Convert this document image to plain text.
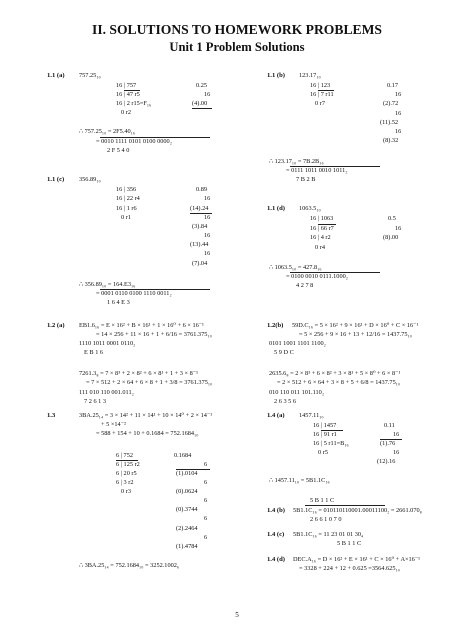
II. SOLUTIONS TO HOMEWORK PROBLEMS
Unit 1 Problem Solutions
1.1 (a) 757.25₁₀
16 | 757	0.25
16 | 47 r5	16
16 | 2 r15=F₁₆	(4).00
0 r2
∴ 757.25₁₀ = 2F5.40₁₆
= 0010 1111 0101 0100 0000₂
2 F 5 4 0
1.1 (c) 356.89₁₀
16 | 356	0.89
16 | 22 r4	16
16 | 1 r6	(14).24
0 r1	16
(3).84
16
(13).44
16
(7).04
∴ 356.89₁₀ = 164.E3₁₆
= 0001 0110 0100 1110 0011₂
1 6 4 E 3
1.1 (b) 123.17₁₀
16 | 123	0.17
16 | 7 r11	16
0 r7	(2).72
16
(11).52
16
(8).32
∴ 123.17₁₀ = 7B.2B₁₆
= 0111 1011 0010 1011₂
7 B 2 B
1.1 (d) 1063.5₁₀
16 | 1063	0.5
16 | 66 r7	16
16 | 4 r2	(8).00
0 r4
∴ 1063.5₁₀ = 427.8₁₆
= 0100 0010 0111.1000₂
4 2 7 8
1.2 (a) EB1.6₁₆ = E × 16² + B × 16¹ + 1 × 16⁰ + 6 × 16⁻¹
= 14 × 256 + 11 × 16 + 1 + 6/16 = 3761.375₁₀
1110 1011 0001 0110₂
E B 1 6
7261.3₈ = 7 × 8³ + 2 × 8² + 6 × 8¹ + 1 + 3 × 8⁻¹
= 7 × 512 + 2 × 64 + 6 × 8 + 1 + 3/8 = 3761.375₁₀
111 010 110 001.011₂
7 2 6 1 3
1.2(b) 59D.C₁₆ = 5 × 16² + 9 × 16¹ + D × 16⁰ + C × 16⁻¹
= 5 × 256 + 9 × 16 + 13 + 12/16 = 1437.75₁₀
0101 1001 1101 1100₂
5 9 D C
2635.6₈ = 2 × 8³ + 6 × 8² + 3 × 8¹ + 5 × 8⁰ + 6 × 8⁻¹
= 2 × 512 + 6 × 64 + 3 × 8 + 5 + 6/8 = 1437.75₁₀
010 110 011 101.110₂
2 6 3 5 6
1.3	3BA.25₁₄ = 3 × 14² + 11 × 14¹ + 10 × 14⁰ + 2 × 14⁻¹
+ 5 ×14⁻²
= 588 + 154 + 10 + 0.1684 = 752.1684₁₀
6 | 752	0.1684
6 | 125 r2	6
6 | 20 r5	(1).0104
6 | 3 r2	6
0 r3	(0).0624
6
(0).3744
6
(2).2464
6
(1).4784
∴ 3BA.25₁₄ = 752.1684₁₀ = 3252.1002₆
1.4 (a) 1457.11₁₀
16 | 1457	0.11
16 | 91 r1	16
16 | 5 r11=B₁₆	(1).76
0 r5	16
(12).16
∴ 1457.11₁₀ = 5B1.1C₁₆
5 B 1 1 C
1.4 (b) 5B1.1C₁₆ = 010110110001.00011100₂ = 2661.070₈
2 6 6 1 0 7 0
1.4 (c) 5B1.1C₁₆ = 11 23 01 01 30₄
5 B 1 1 C
1.4 (d) DEC.A₁₆ = D × 16² + E × 16¹ + C × 16⁰ + A×16⁻¹
= 3328 + 224 + 12 + 0.625 =3564.625₁₀
5
